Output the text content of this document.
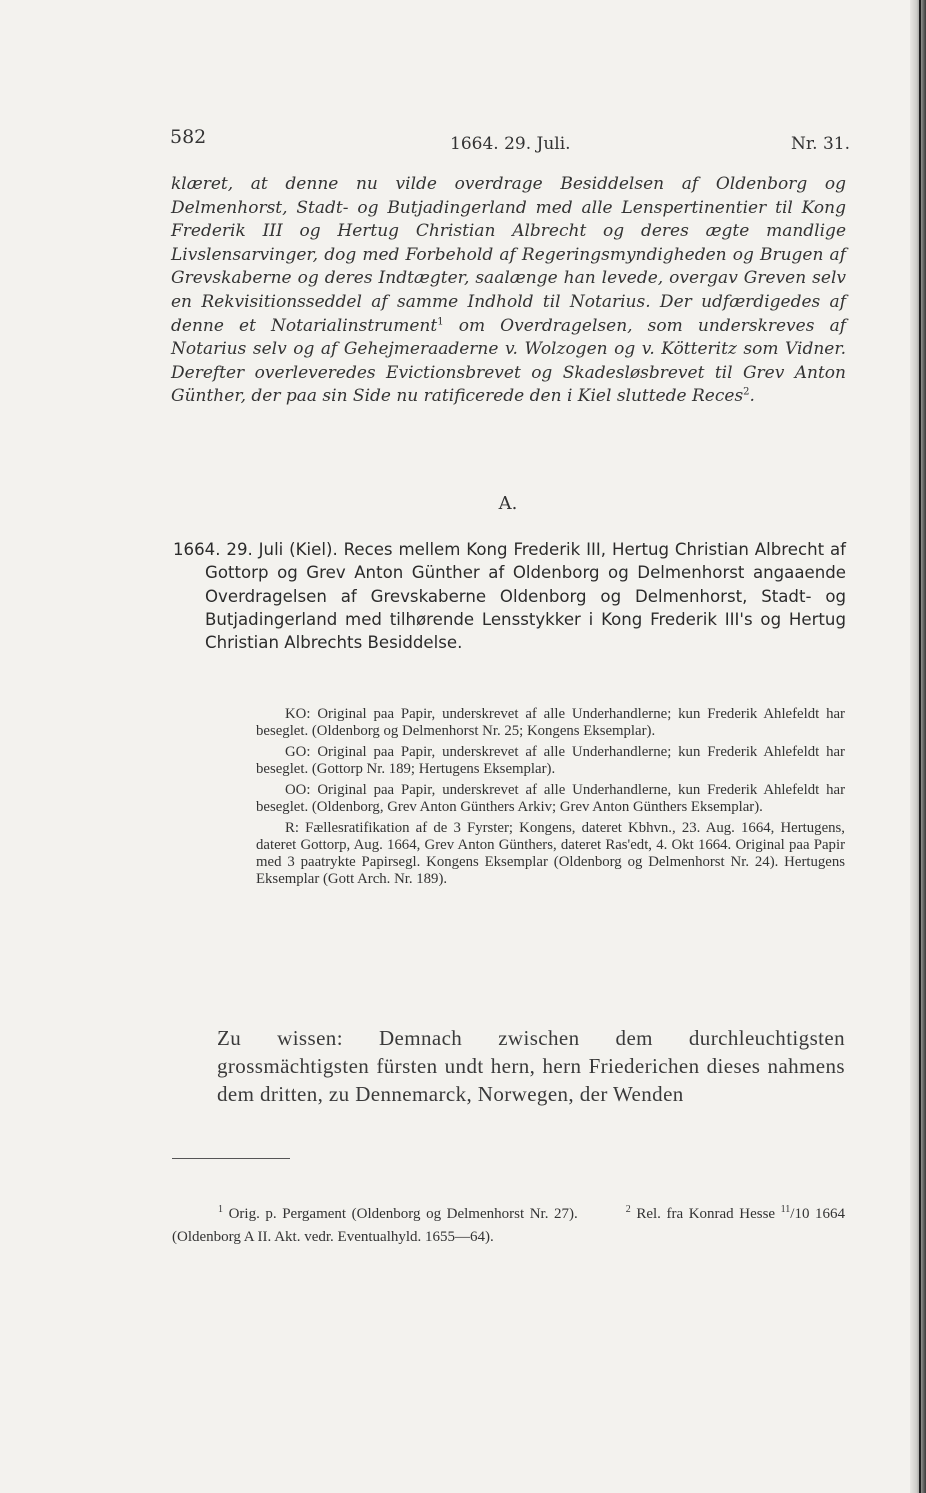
582	1664. 29. Juli.	Nr. 31.

klæret, at denne nu vilde overdrage Besiddelsen af Oldenborg og Delmenhorst, Stadt- og Butjadingerland med alle Lenspertinentier til Kong Frederik III og Hertug Christian Albrecht og deres ægte mandlige Livslensarvinger, dog med Forbehold af Regeringsmyndigheden og Brugen af Grevskaberne og deres Indtægter, saalænge han levede, overgav Greven selv en Rekvisitionsseddel af samme Indhold til Notarius. Der udfærdigedes af denne et Notarialinstrument$^1$ om Overdragelsen, som underskreves af Notarius selv og af Gehejmeraaderne v. Wolzogen og v. Kötteritz som Vidner. Derefter overleveredes Evictionsbrevet og Skadesløsbrevet til Grev Anton Günther, der paa sin Side nu ratificerede den i Kiel sluttede Reces$^2$.

A.

1664. 29. Juli (Kiel). Reces mellem Kong Frederik III, Hertug Christian Albrecht af Gottorp og Grev Anton Günther af Oldenborg og Delmenhorst angaaende Overdragelsen af Grevskaberne Oldenborg og Delmenhorst, Stadt- og Butjadingerland med tilhørende Lensstykker i Kong Frederik III's og Hertug Christian Albrechts Besiddelse.

KO: Original paa Papir, underskrevet af alle Underhandlerne; kun Frederik Ahlefeldt har beseglet. (Oldenborg og Delmenhorst Nr. 25; Kongens Eksemplar).

GO: Original paa Papir, underskrevet af alle Underhandlerne; kun Frederik Ahlefeldt har beseglet. (Gottorp Nr. 189; Hertugens Eksemplar).

OO: Original paa Papir, underskrevet af alle Underhandlerne, kun Frederik Ahlefeldt har beseglet. (Oldenborg, Grev Anton Günthers Arkiv; Grev Anton Günthers Eksemplar).

R: Fællesratifikation af de 3 Fyrster; Kongens, dateret Kbhvn., 23. Aug. 1664, Hertugens, dateret Gottorp, Aug. 1664, Grev Anton Günthers, dateret Ras'edt, 4. Okt 1664. Original paa Papir med 3 paatrykte Papirsegl. Kongens Eksemplar (Oldenborg og Delmenhorst Nr. 24). Hertugens Eksemplar (Gott Arch. Nr. 189).

Zu wissen: Demnach zwischen dem durchleuchtigsten grossmächtigsten fürsten undt hern, hern Friederichen dieses nahmens dem dritten, zu Dennemarck, Norwegen, der Wenden

$^1$ Orig. p. Pergament (Oldenborg og Delmenhorst Nr. 27).	$^2$ Rel. fra Konrad Hesse $^{11}$/10 1664 (Oldenborg A II. Akt. vedr. Eventualhyld. 1655—64).
